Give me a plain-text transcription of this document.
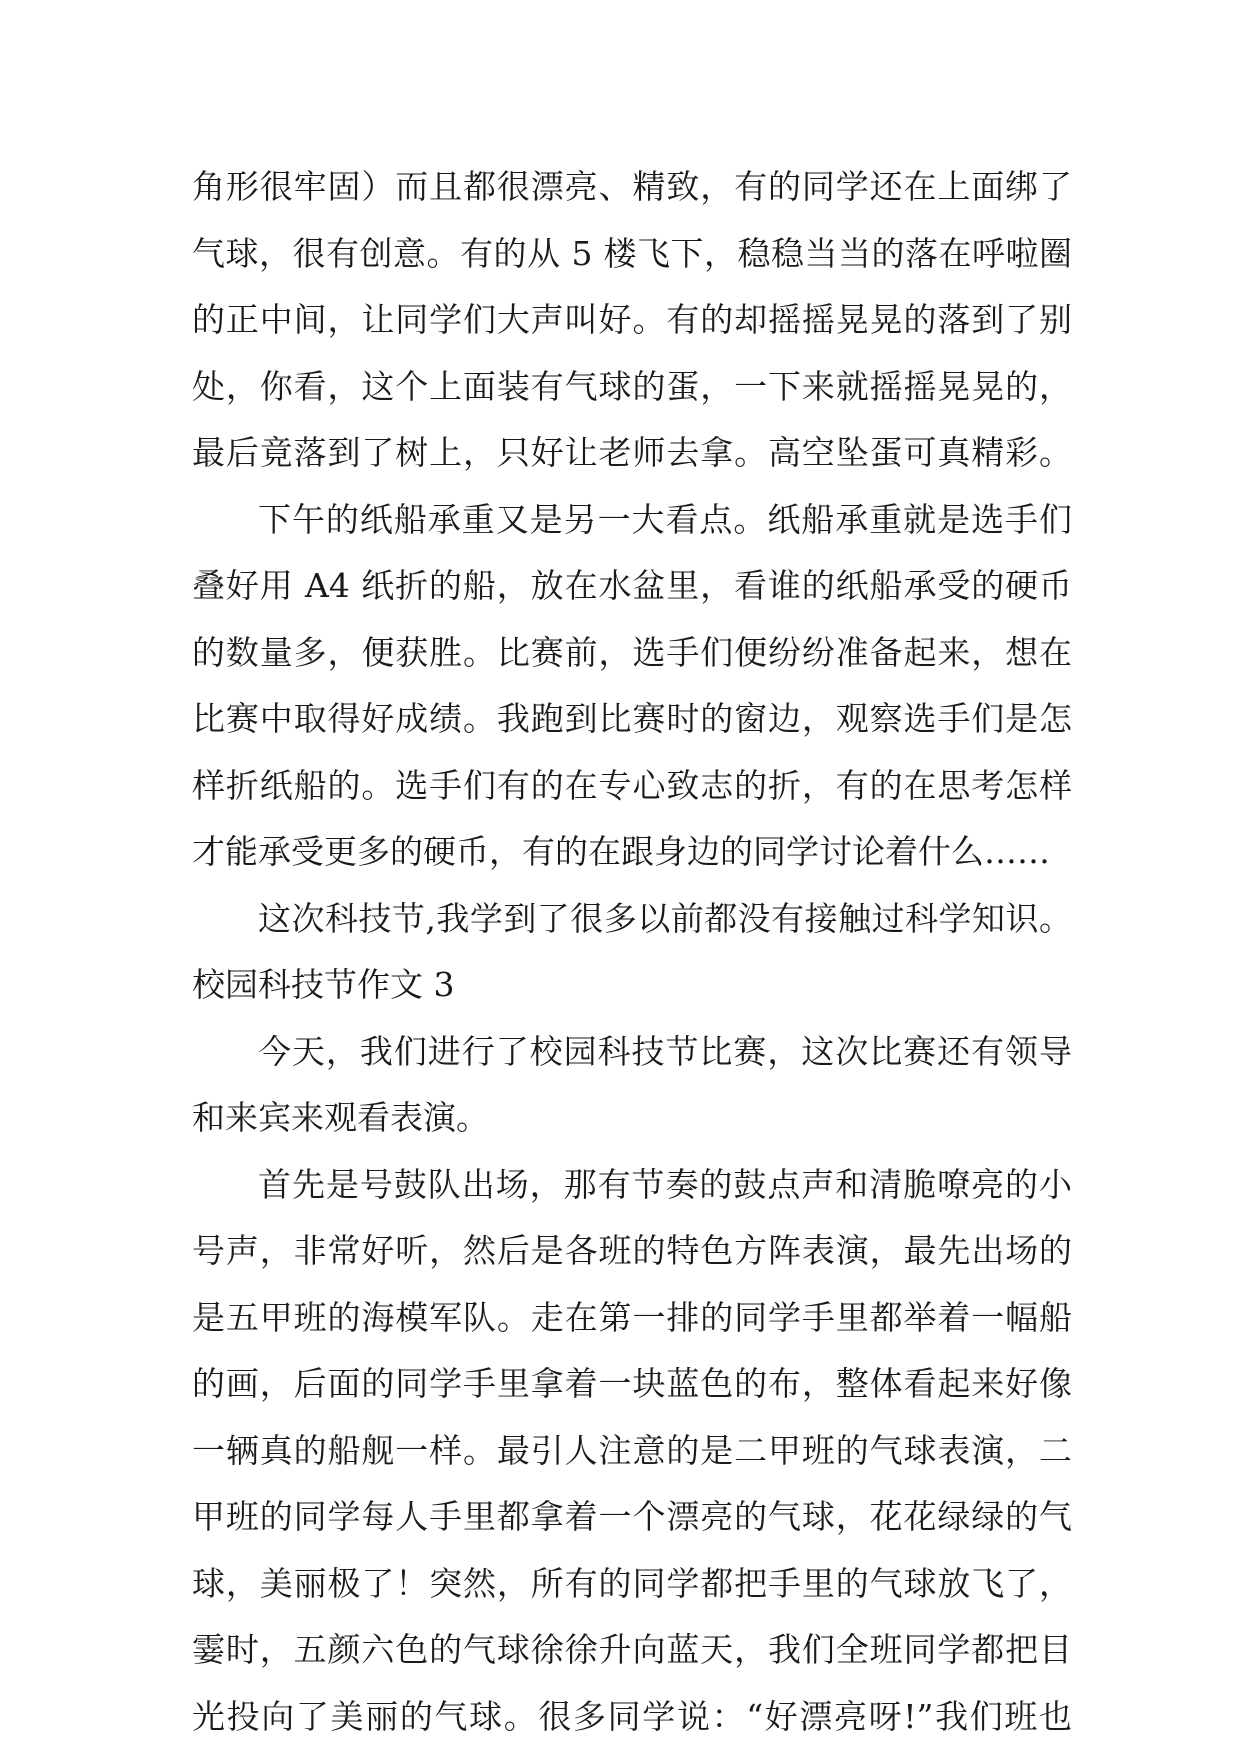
角形很牢固）而且都很漂亮、精致，有的同学还在上面绑了
气球，很有创意。有的从 5 楼飞下，稳稳当当的落在呼啦圈
的正中间，让同学们大声叫好。有的却摇摇晃晃的落到了别
处，你看，这个上面装有气球的蛋，一下来就摇摇晃晃的，
最后竟落到了树上，只好让老师去拿。高空坠蛋可真精彩。
下午的纸船承重又是另一大看点。纸船承重就是选手们
叠好用 A4 纸折的船，放在水盆里，看谁的纸船承受的硬币
的数量多，便获胜。比赛前，选手们便纷纷准备起来，想在
比赛中取得好成绩。我跑到比赛时的窗边，观察选手们是怎
样折纸船的。选手们有的在专心致志的折，有的在思考怎样
才能承受更多的硬币，有的在跟身边的同学讨论着什么……
这次科技节,我学到了很多以前都没有接触过科学知识。
校园科技节作文 3
今天，我们进行了校园科技节比赛，这次比赛还有领导
和来宾来观看表演。
首先是号鼓队出场，那有节奏的鼓点声和清脆嘹亮的小
号声，非常好听，然后是各班的特色方阵表演，最先出场的
是五甲班的海模军队。走在第一排的同学手里都举着一幅船
的画，后面的同学手里拿着一块蓝色的布，整体看起来好像
一辆真的船舰一样。最引人注意的是二甲班的气球表演，二
甲班的同学每人手里都拿着一个漂亮的气球，花花绿绿的气
球，美丽极了！突然，所有的同学都把手里的气球放飞了，
霎时，五颜六色的气球徐徐升向蓝天，我们全班同学都把目
光投向了美丽的气球。很多同学说：“好漂亮呀!”我们班也
